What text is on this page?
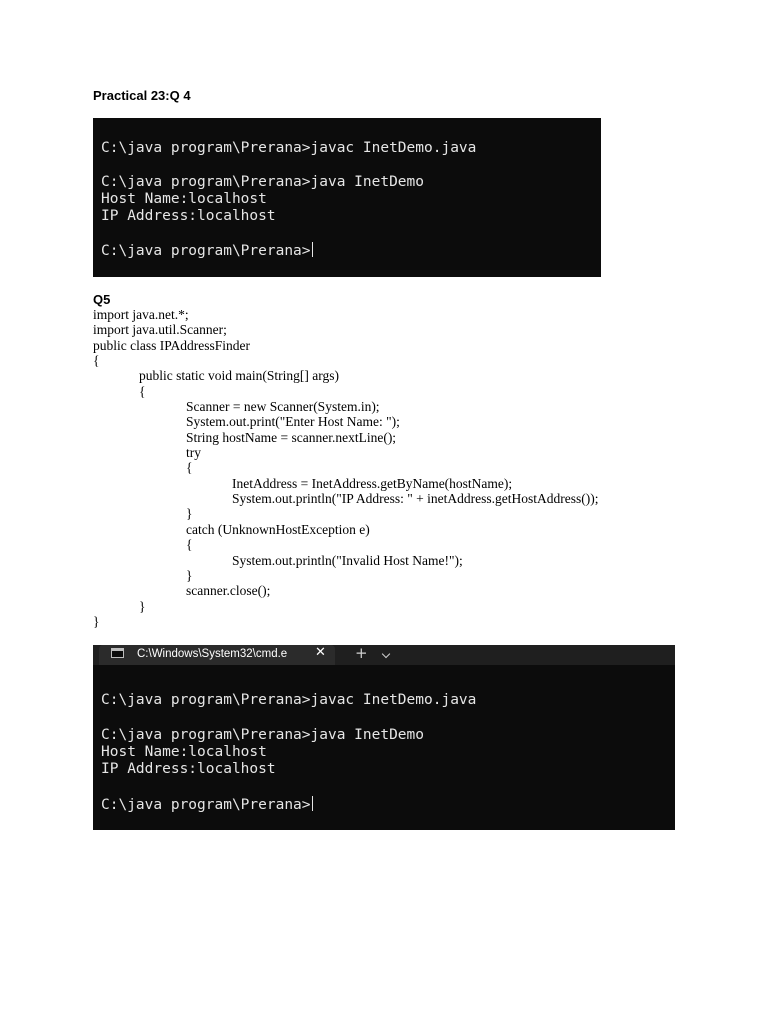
Practical 23:Q 4
C:\java program\Prerana>javac InetDemo.java
C:\java program\Prerana>java InetDemo
Host Name:localhost
IP Address:localhost
C:\java program\Prerana>
Q5
import java.net.*;
import java.util.Scanner;
public class IPAddressFinder
{
public static void main(String[] args)
{
Scanner = new Scanner(System.in);
System.out.print("Enter Host Name: ");
String hostName = scanner.nextLine();
try
{
InetAddress = InetAddress.getByName(hostName);
System.out.println("IP Address: " + inetAddress.getHostAddress());
}
catch (UnknownHostException e)
{
System.out.println("Invalid Host Name!");
}
scanner.close();
}
}
C:\Windows\System32\cmd.e	✕ +
C:\java program\Prerana>javac InetDemo.java
C:\java program\Prerana>java InetDemo
Host Name:localhost
IP Address:localhost
C:\java program\Prerana>
